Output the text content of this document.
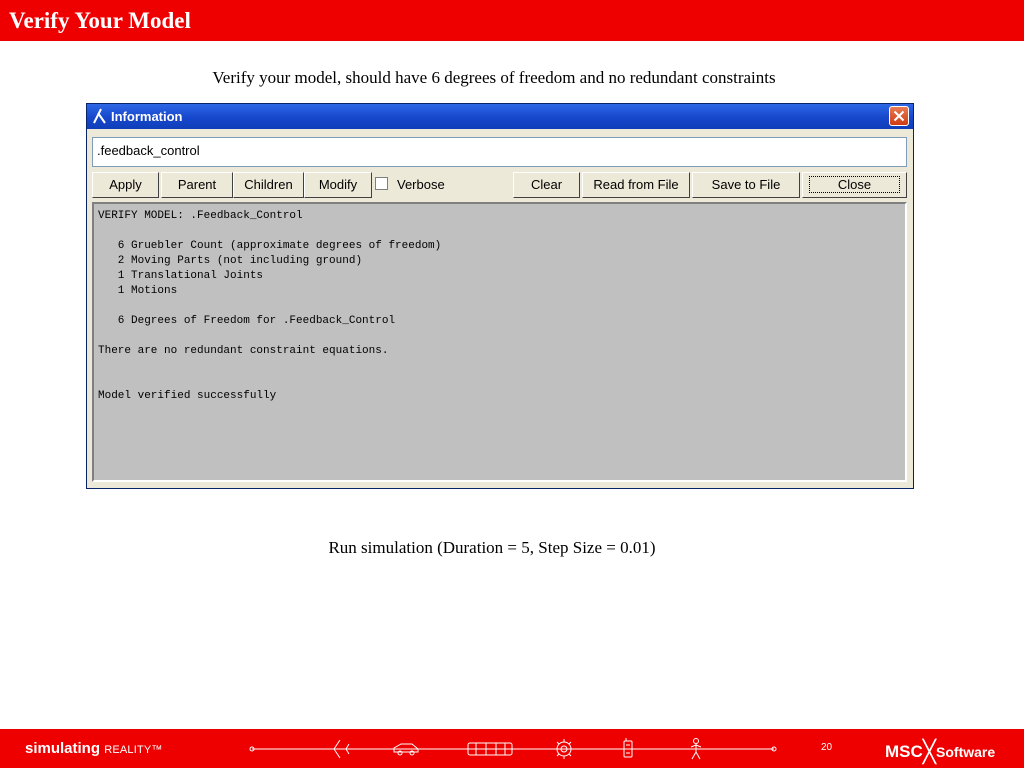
Verify Your Model
Verify your model, should have 6 degrees of freedom and no redundant constraints
Information
.feedback_control
Apply	Parent	Children	Modify	Verbose	Clear	Read from File	Save to File	Close
VERIFY MODEL: .Feedback_Control

6 Gruebler Count (approximate degrees of freedom)
2 Moving Parts (not including ground)
1 Translational Joints
1 Motions

6 Degrees of Freedom for .Feedback_Control

There are no redundant constraint equations.

Model verified successfully
Run simulation (Duration = 5, Step Size = 0.01)
simulating REALITY™	20	MSC╳Software
